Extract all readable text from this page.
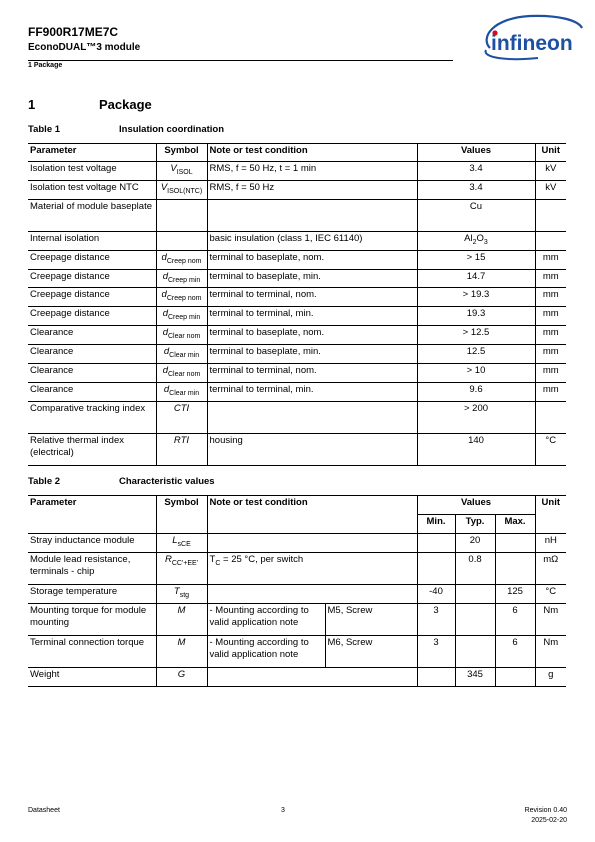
FF900R17ME7C
EconoDUAL™3 module
1 Package
infineon
1	Package
Table 1	Insulation coordination
Parameter	Symbol	Note or test condition	Values	Unit
Isolation test voltage	$V_{ISOL}$	RMS, f = 50 Hz, t = 1 min	3.4	kV
Isolation test voltage NTC	$V_{ISOL(NTC)}$	RMS, f = 50 Hz	3.4	kV
Material of module baseplate			Cu	
Internal isolation		basic insulation (class 1, IEC 61140)	$Al_2O_3$	
Creepage distance	$d_{Creep nom}$	terminal to baseplate, nom.	> 15	mm
Creepage distance	$d_{Creep min}$	terminal to baseplate, min.	14.7	mm
Creepage distance	$d_{Creep nom}$	terminal to terminal, nom.	> 19.3	mm
Creepage distance	$d_{Creep min}$	terminal to terminal, min.	19.3	mm
Clearance	$d_{Clear nom}$	terminal to baseplate, nom.	> 12.5	mm
Clearance	$d_{Clear min}$	terminal to baseplate, min.	12.5	mm
Clearance	$d_{Clear nom}$	terminal to terminal, nom.	> 10	mm
Clearance	$d_{Clear min}$	terminal to terminal, min.	9.6	mm
Comparative tracking index	CTI		> 200	
Relative thermal index (electrical)	RTI	housing	140	°C
Table 2	Characteristic values
Parameter	Symbol	Note or test condition		Values			Unit
				Min.	Typ.	Max.	
Stray inductance module	$L_{sCE}$				20		nH
Module lead resistance, terminals - chip	$R_{CC'+EE'}$	$T_C = 25$ °C, per switch			0.8		mΩ
Storage temperature	$T_{stg}$			-40		125	°C
Mounting torque for module mounting	M	- Mounting according to valid application note	M5, Screw	3		6	Nm
Terminal connection torque	M	- Mounting according to valid application note	M6, Screw	3		6	Nm
Weight	G				345		g
Datasheet	3	Revision 0.40
2025-02-20
